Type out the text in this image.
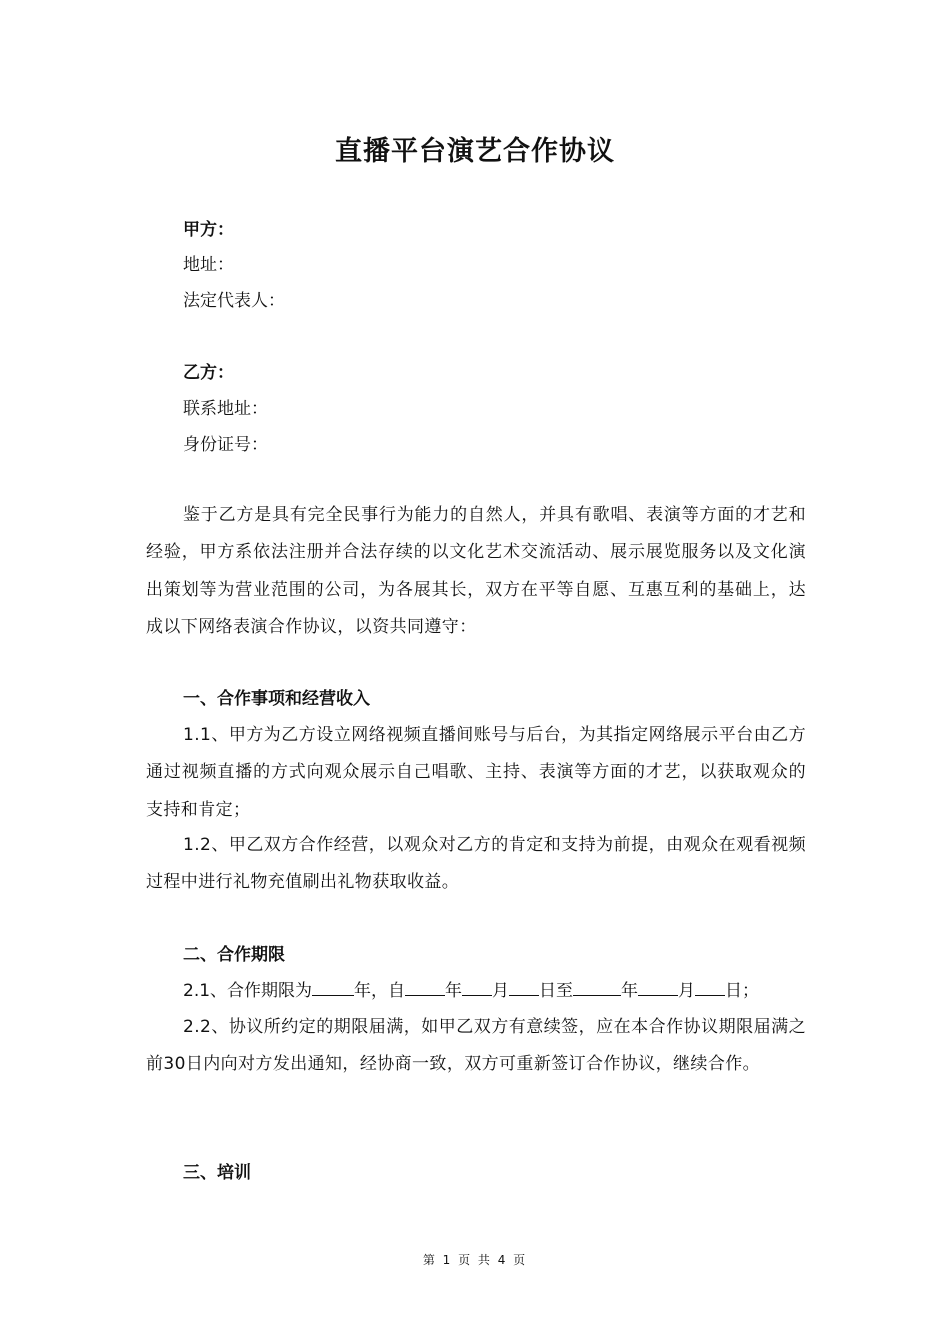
直播平台演艺合作协议
甲方：
地址：
法定代表人：
乙方：
联系地址：
身份证号：
鉴于乙方是具有完全民事行为能力的自然人，并具有歌唱、表演等方面的才艺和经验，甲方系依法注册并合法存续的以文化艺术交流活动、展示展览服务以及文化演出策划等为营业范围的公司，为各展其长，双方在平等自愿、互惠互利的基础上，达成以下网络表演合作协议，以资共同遵守：
一、合作事项和经营收入
1.1、甲方为乙方设立网络视频直播间账号与后台，为其指定网络展示平台由乙方通过视频直播的方式向观众展示自己唱歌、主持、表演等方面的才艺，以获取观众的支持和肯定；
1.2、甲乙双方合作经营，以观众对乙方的肯定和支持为前提，由观众在观看视频过程中进行礼物充值刷出礼物获取收益。
二、合作期限
2.1、合作期限为 年，自 年 月 日至	年 月 日；
2.2、协议所约定的期限届满，如甲乙双方有意续签，应在本合作协议期限届满之前30日内向对方发出通知，经协商一致，双方可重新签订合作协议，继续合作。
三、培训
第 1 页 共 4 页
